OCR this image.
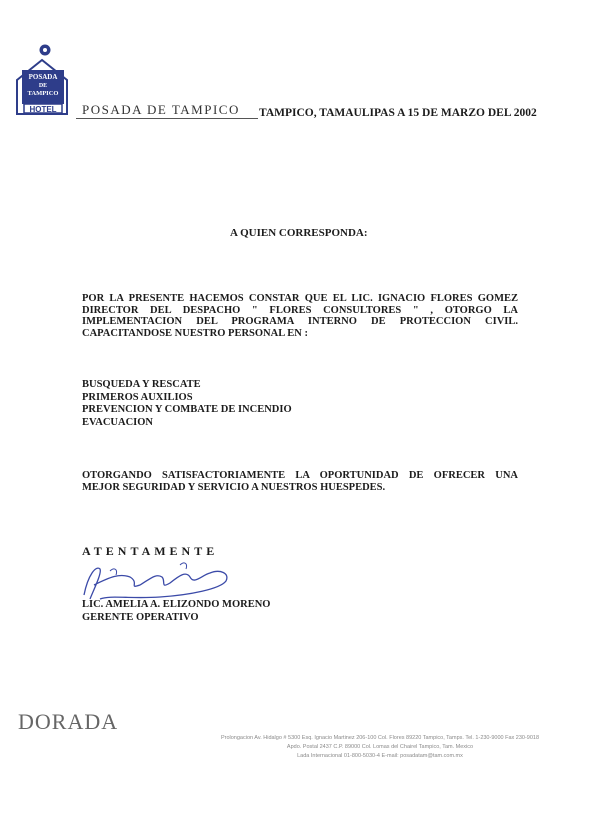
POSADA
DE
TAMPICO
HOTEL POSADA DE TAMPICO TAMPICO, TAMAULIPAS A 15 DE MARZO DEL 2002
A QUIEN CORRESPONDA:
POR LA PRESENTE HACEMOS CONSTAR QUE EL LIC. IGNACIO FLORES GOMEZ
DIRECTOR DEL DESPACHO " FLORES CONSULTORES " , OTORGO LA
IMPLEMENTACION DEL PROGRAMA INTERNO DE PROTECCION CIVIL.
CAPACITANDOSE NUESTRO PERSONAL EN :
BUSQUEDA Y RESCATE
PRIMEROS AUXILIOS
PREVENCION Y COMBATE DE INCENDIO
EVACUACION
OTORGANDO SATISFACTORIAMENTE LA OPORTUNIDAD DE OFRECER UNA
MEJOR SEGURIDAD Y SERVICIO A NUESTROS HUESPEDES.
ATENTAMENTE
LIC. AMELIA A. ELIZONDO MORENO
GERENTE OPERATIVO
DORADA
Prolongacion Av. Hidalgo # 5300 Esq. Ignacio Martinez 206-100 Col. Flores 89220 Tampico, Tamps. Tel. 1-230-9000 Fax 230-9018
Apdo. Postal 2437 C.P. 89000 Col. Lomas del Chairel Tampico, Tam. Mexico
Lada Internacional 01-800-5030-4 E-mail: posadatam@tam.com.mx
